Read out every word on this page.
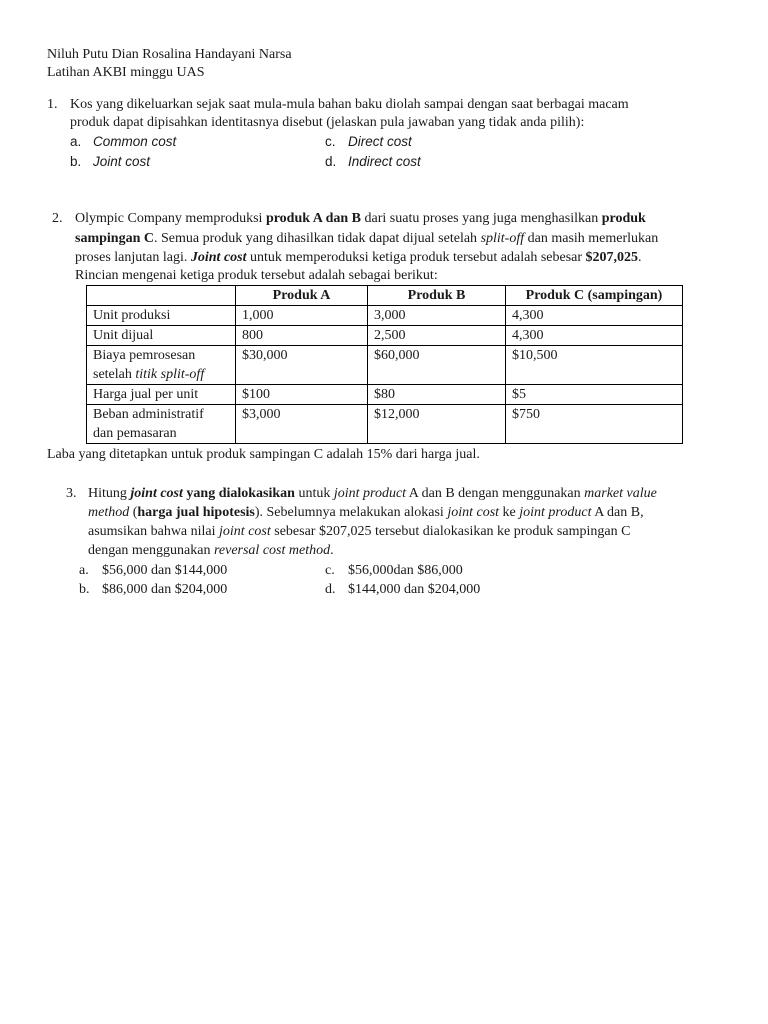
Niluh Putu Dian Rosalina Handayani Narsa
Latihan AKBI minggu UAS
1. Kos yang dikeluarkan sejak saat mula-mula bahan baku diolah sampai dengan saat berbagai macam
produk dapat dipisahkan identitasnya disebut (jelaskan pula jawaban yang tidak anda pilih):
a. Common cost
b. Joint cost
c. Direct cost
d. Indirect cost
2. Olympic Company memproduksi produk A dan B dari suatu proses yang juga menghasilkan produk
sampingan C. Semua produk yang dihasilkan tidak dapat dijual setelah split-off dan masih memerlukan
proses lanjutan lagi. Joint cost untuk memperoduksi ketiga produk tersebut adalah sebesar $207,025.
Rincian mengenai ketiga produk tersebut adalah sebagai berikut:
	Produk A	Produk B	Produk C (sampingan)
Unit produksi	1,000	3,000	4,300
Unit dijual	800	2,500	4,300
Biaya pemrosesan
setelah titik split-off	$30,000	$60,000	$10,500
Harga jual per unit	$100	$80	$5
Beban administratif
dan pemasaran	$3,000	$12,000	$750
Laba yang ditetapkan untuk produk sampingan C adalah 15% dari harga jual.
3. Hitung joint cost yang dialokasikan untuk joint product A dan B dengan menggunakan market value
method (harga jual hipotesis). Sebelumnya melakukan alokasi joint cost ke joint product A dan B,
asumsikan bahwa nilai joint cost sebesar $207,025 tersebut dialokasikan ke produk sampingan C
dengan menggunakan reversal cost method.
a. $56,000 dan $144,000
b. $86,000 dan $204,000
c. $56,000dan $86,000
d. $144,000 dan $204,000
